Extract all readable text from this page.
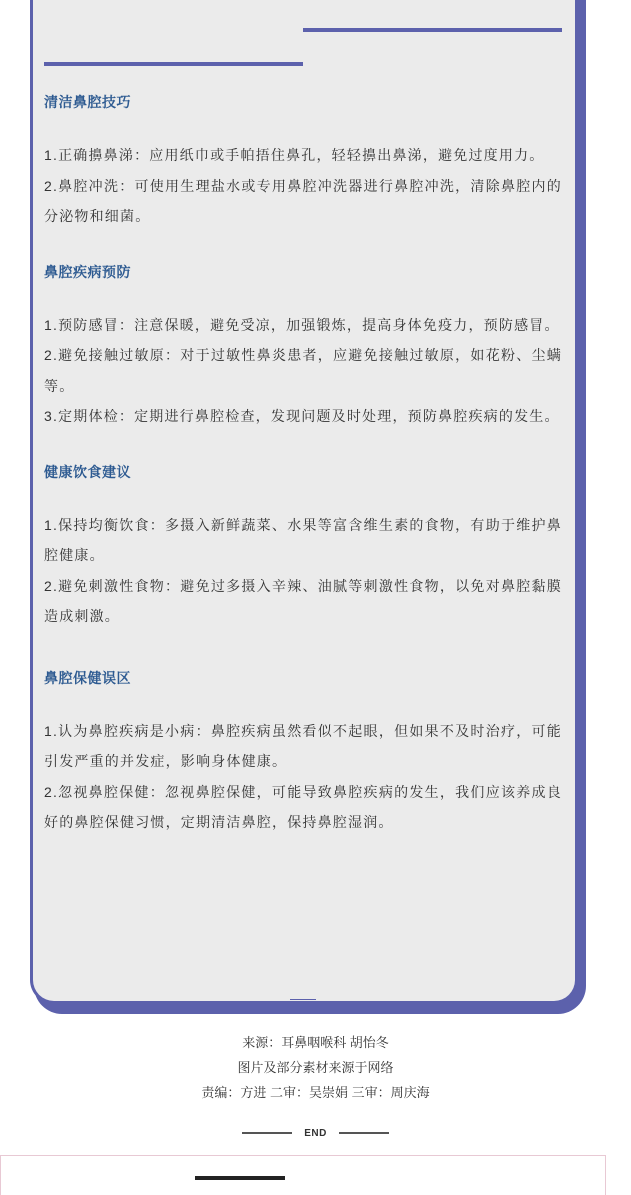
清洁鼻腔技巧

1.正确擤鼻涕：应用纸巾或手帕捂住鼻孔，轻轻擤出鼻涕，避免过度用力。

2.鼻腔冲洗：可使用生理盐水或专用鼻腔冲洗器进行鼻腔冲洗，清除鼻腔内的分泌物和细菌。

鼻腔疾病预防

1.预防感冒：注意保暖，避免受凉，加强锻炼，提高身体免疫力，预防感冒。

2.避免接触过敏原：对于过敏性鼻炎患者，应避免接触过敏原，如花粉、尘螨等。

3.定期体检：定期进行鼻腔检查，发现问题及时处理，预防鼻腔疾病的发生。

健康饮食建议

1.保持均衡饮食：多摄入新鲜蔬菜、水果等富含维生素的食物，有助于维护鼻腔健康。

2.避免刺激性食物：避免过多摄入辛辣、油腻等刺激性食物，以免对鼻腔黏膜造成刺激。

鼻腔保健误区

1.认为鼻腔疾病是小病：鼻腔疾病虽然看似不起眼，但如果不及时治疗，可能引发严重的并发症，影响身体健康。

2.忽视鼻腔保健：忽视鼻腔保健，可能导致鼻腔疾病的发生，我们应该养成良好的鼻腔保健习惯，定期清洁鼻腔，保持鼻腔湿润。

来源：耳鼻咽喉科 胡怡冬
图片及部分素材来源于网络
责编：方进 二审：吴崇娟 三审：周庆海
END
